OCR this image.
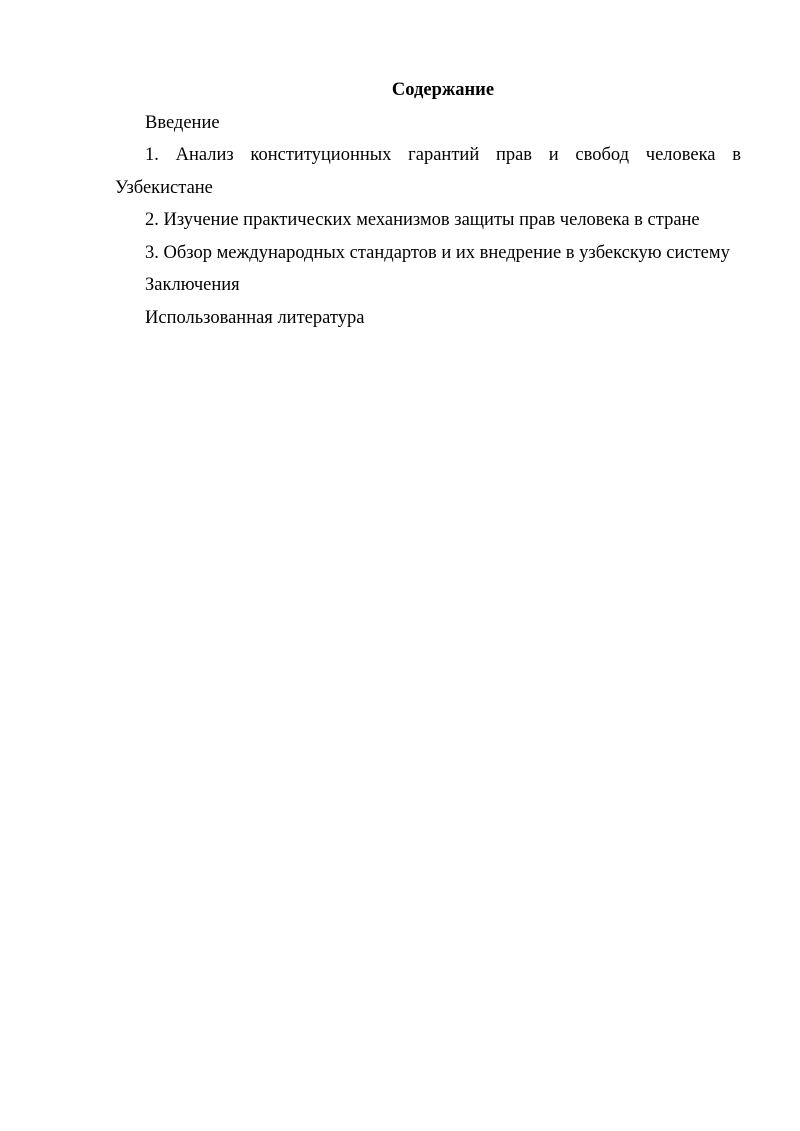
Содержание

Введение

1. Анализ конституционных гарантий прав и свобод человека в Узбекистане

2. Изучение практических механизмов защиты прав человека в стране

3. Обзор международных стандартов и их внедрение в узбекскую систему

Заключения

Использованная литература
